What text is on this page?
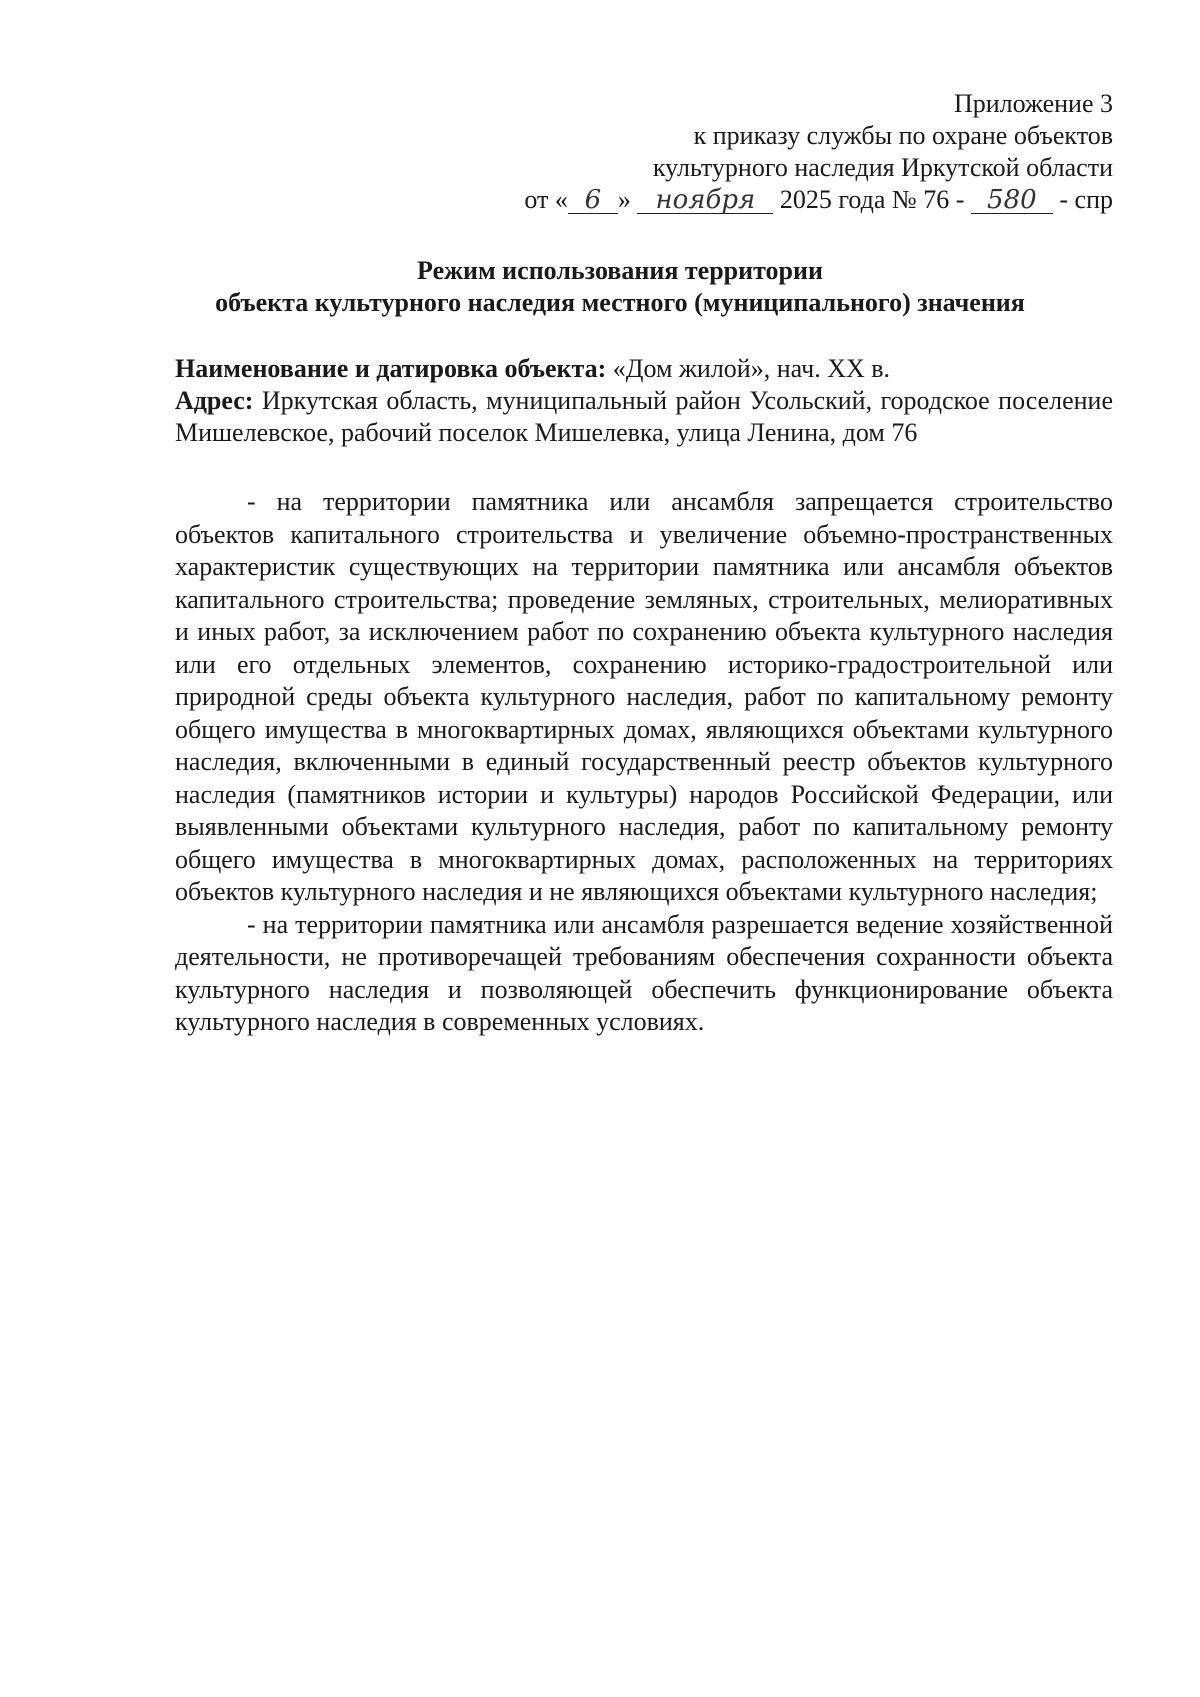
Приложение 3
к приказу службы по охране объектов
культурного наследия Иркутской области
от « 6 » ноября 2025 года № 76 - 580 - спр
Режим использования территории
объекта культурного наследия местного (муниципального) значения

Наименование и датировка объекта: «Дом жилой», нач. XX в.

Адрес: Иркутская область, муниципальный район Усольский, городское поселение Мишелевское, рабочий поселок Мишелевка, улица Ленина, дом 76

- на территории памятника или ансамбля запрещается строительство объектов капитального строительства и увеличение объемно-пространственных характеристик существующих на территории памятника или ансамбля объектов капитального строительства; проведение земляных, строительных, мелиоративных и иных работ, за исключением работ по сохранению объекта культурного наследия или его отдельных элементов, сохранению историко-градостроительной или природной среды объекта культурного наследия, работ по капитальному ремонту общего имущества в многоквартирных домах, являющихся объектами культурного наследия, включенными в единый государственный реестр объектов культурного наследия (памятников истории и культуры) народов Российской Федерации, или выявленными объектами культурного наследия, работ по капитальному ремонту общего имущества в многоквартирных домах, расположенных на территориях объектов культурного наследия и не являющихся объектами культурного наследия;

- на территории памятника или ансамбля разрешается ведение хозяйственной деятельности, не противоречащей требованиям обеспечения сохранности объекта культурного наследия и позволяющей обеспечить функционирование объекта культурного наследия в современных условиях.
